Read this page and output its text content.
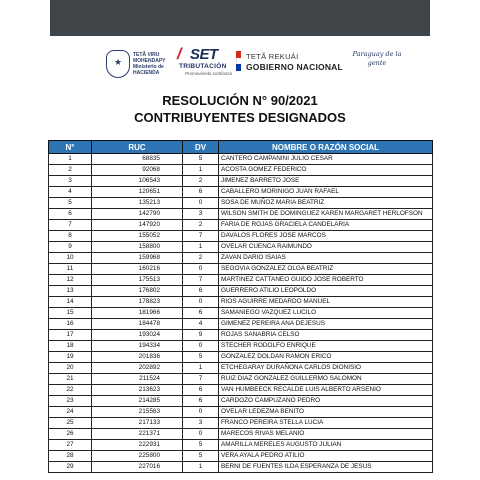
★
TETÃ VIRU MOHENDAPY Ministerio de HACIENDA
/ SET
TRIBUTACIÓN
Promoviendo confianza
TETÃ REKUÁI
GOBIERNO NACIONAL
Paraguay de la gente
RESOLUCIÓN N° 90/2021
CONTRIBUYENTES DESIGNADOS
N°	RUC	DV	NOMBRE O RAZÓN SOCIAL
1	68835	5	CANTERO CAMPANINI JULIO CESAR
2	92068	1	ACOSTA GOMEZ FEDERICO
3	106543	2	JIMENEZ BARRETO JOSE
4	120651	6	CABALLERO MORINIGO JUAN RAFAEL
5	135213	0	SOSA DE MUÑOZ MARIA BEATRIZ
6	142790	3	WILSON SMITH DE DOMINGUEZ KAREN MARGARET HERLOFSON
7	147920	2	FARIA DE ROJAS GRACIELA CANDELARIA
8	155052	7	DAVALOS FLORES JOSE MARCOS
9	158800	1	OVELAR CUENCA RAIMUNDO
10	159968	2	ZAVAN DARIO ISAIAS
11	160216	0	SEGOVIA GONZALEZ OLGA BEATRIZ
12	175513	7	MARTINEZ CATTANEO GUIDO JOSE ROBERTO
13	176802	6	GUERRERO ATILIO LEOPOLDO
14	178823	0	RIOS AGUIRRE MEDARDO MANUEL
15	181966	6	SAMANIEGO VAZQUEZ LUCILO
16	184478	4	GIMENEZ PEREIRA ANA DEJESUS
17	193024	9	ROJAS SANABRIA CELSO
18	194334	0	STECHER RODOLFO ENRIQUE
19	201836	5	GONZALEZ DOLDAN RAMON ERICO
20	202892	1	ETCHEGARAY DURAÑONA CARLOS DIONISIO
21	211524	7	RUIZ DIAZ GONZALEZ GUILLERMO SALOMON
22	213623	6	VAN HUMBEECK RECALDE LUIS ALBERTO ARSENIO
23	214285	6	CARDOZO CAMPUZANO PEDRO
24	215563	0	OVELAR LEDEZMA BENITO
25	217133	3	FRANCO PEREIRA STELLA LUCIA
26	221371	0	MARECOS RIVAS MELANIO
27	222931	5	AMARILLA MERELES AUGUSTO JULIAN
28	225800	5	VERA AYALA PEDRO ATILIO
29	227016	1	BERNI DE FUENTES ILDA ESPERANZA DE JESUS
